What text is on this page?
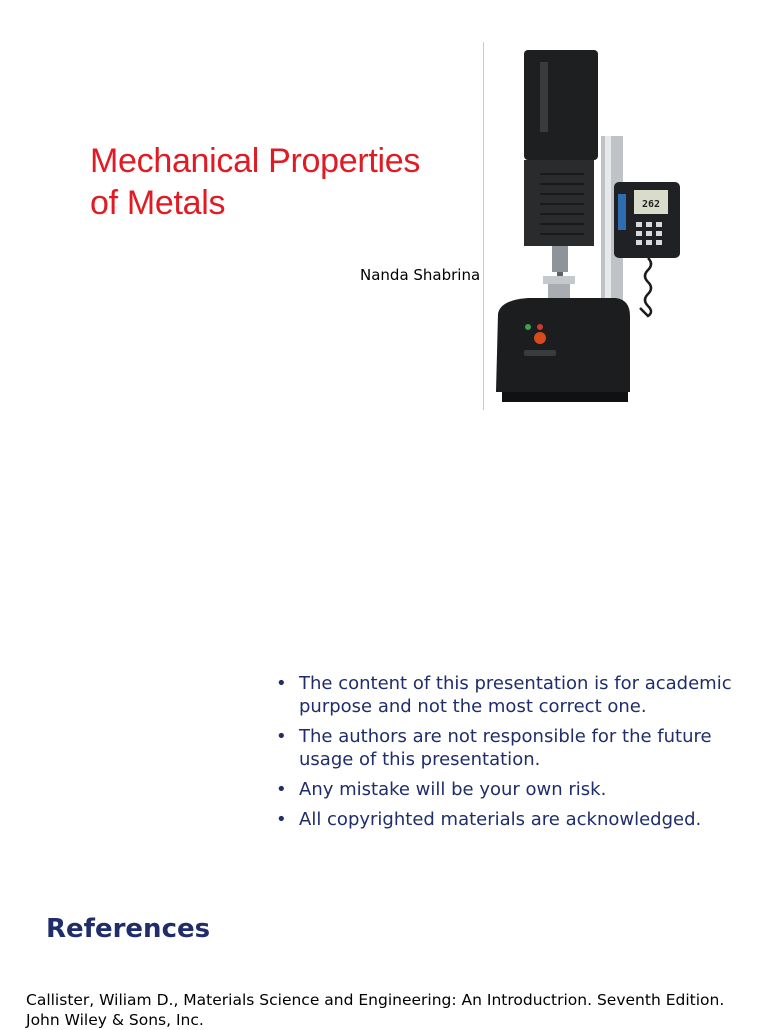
Mechanical Properties
of Metals
Nanda Shabrina
262
• The content of this presentation is for academic purpose and not the most correct one.
• The authors are not responsible for the future usage of this presentation.
• Any mistake will be your own risk.
• All copyrighted materials are acknowledged.
References
Callister, Wiliam D., Materials Science and Engineering: An Introductrion. Seventh Edition. John Wiley & Sons, Inc.
